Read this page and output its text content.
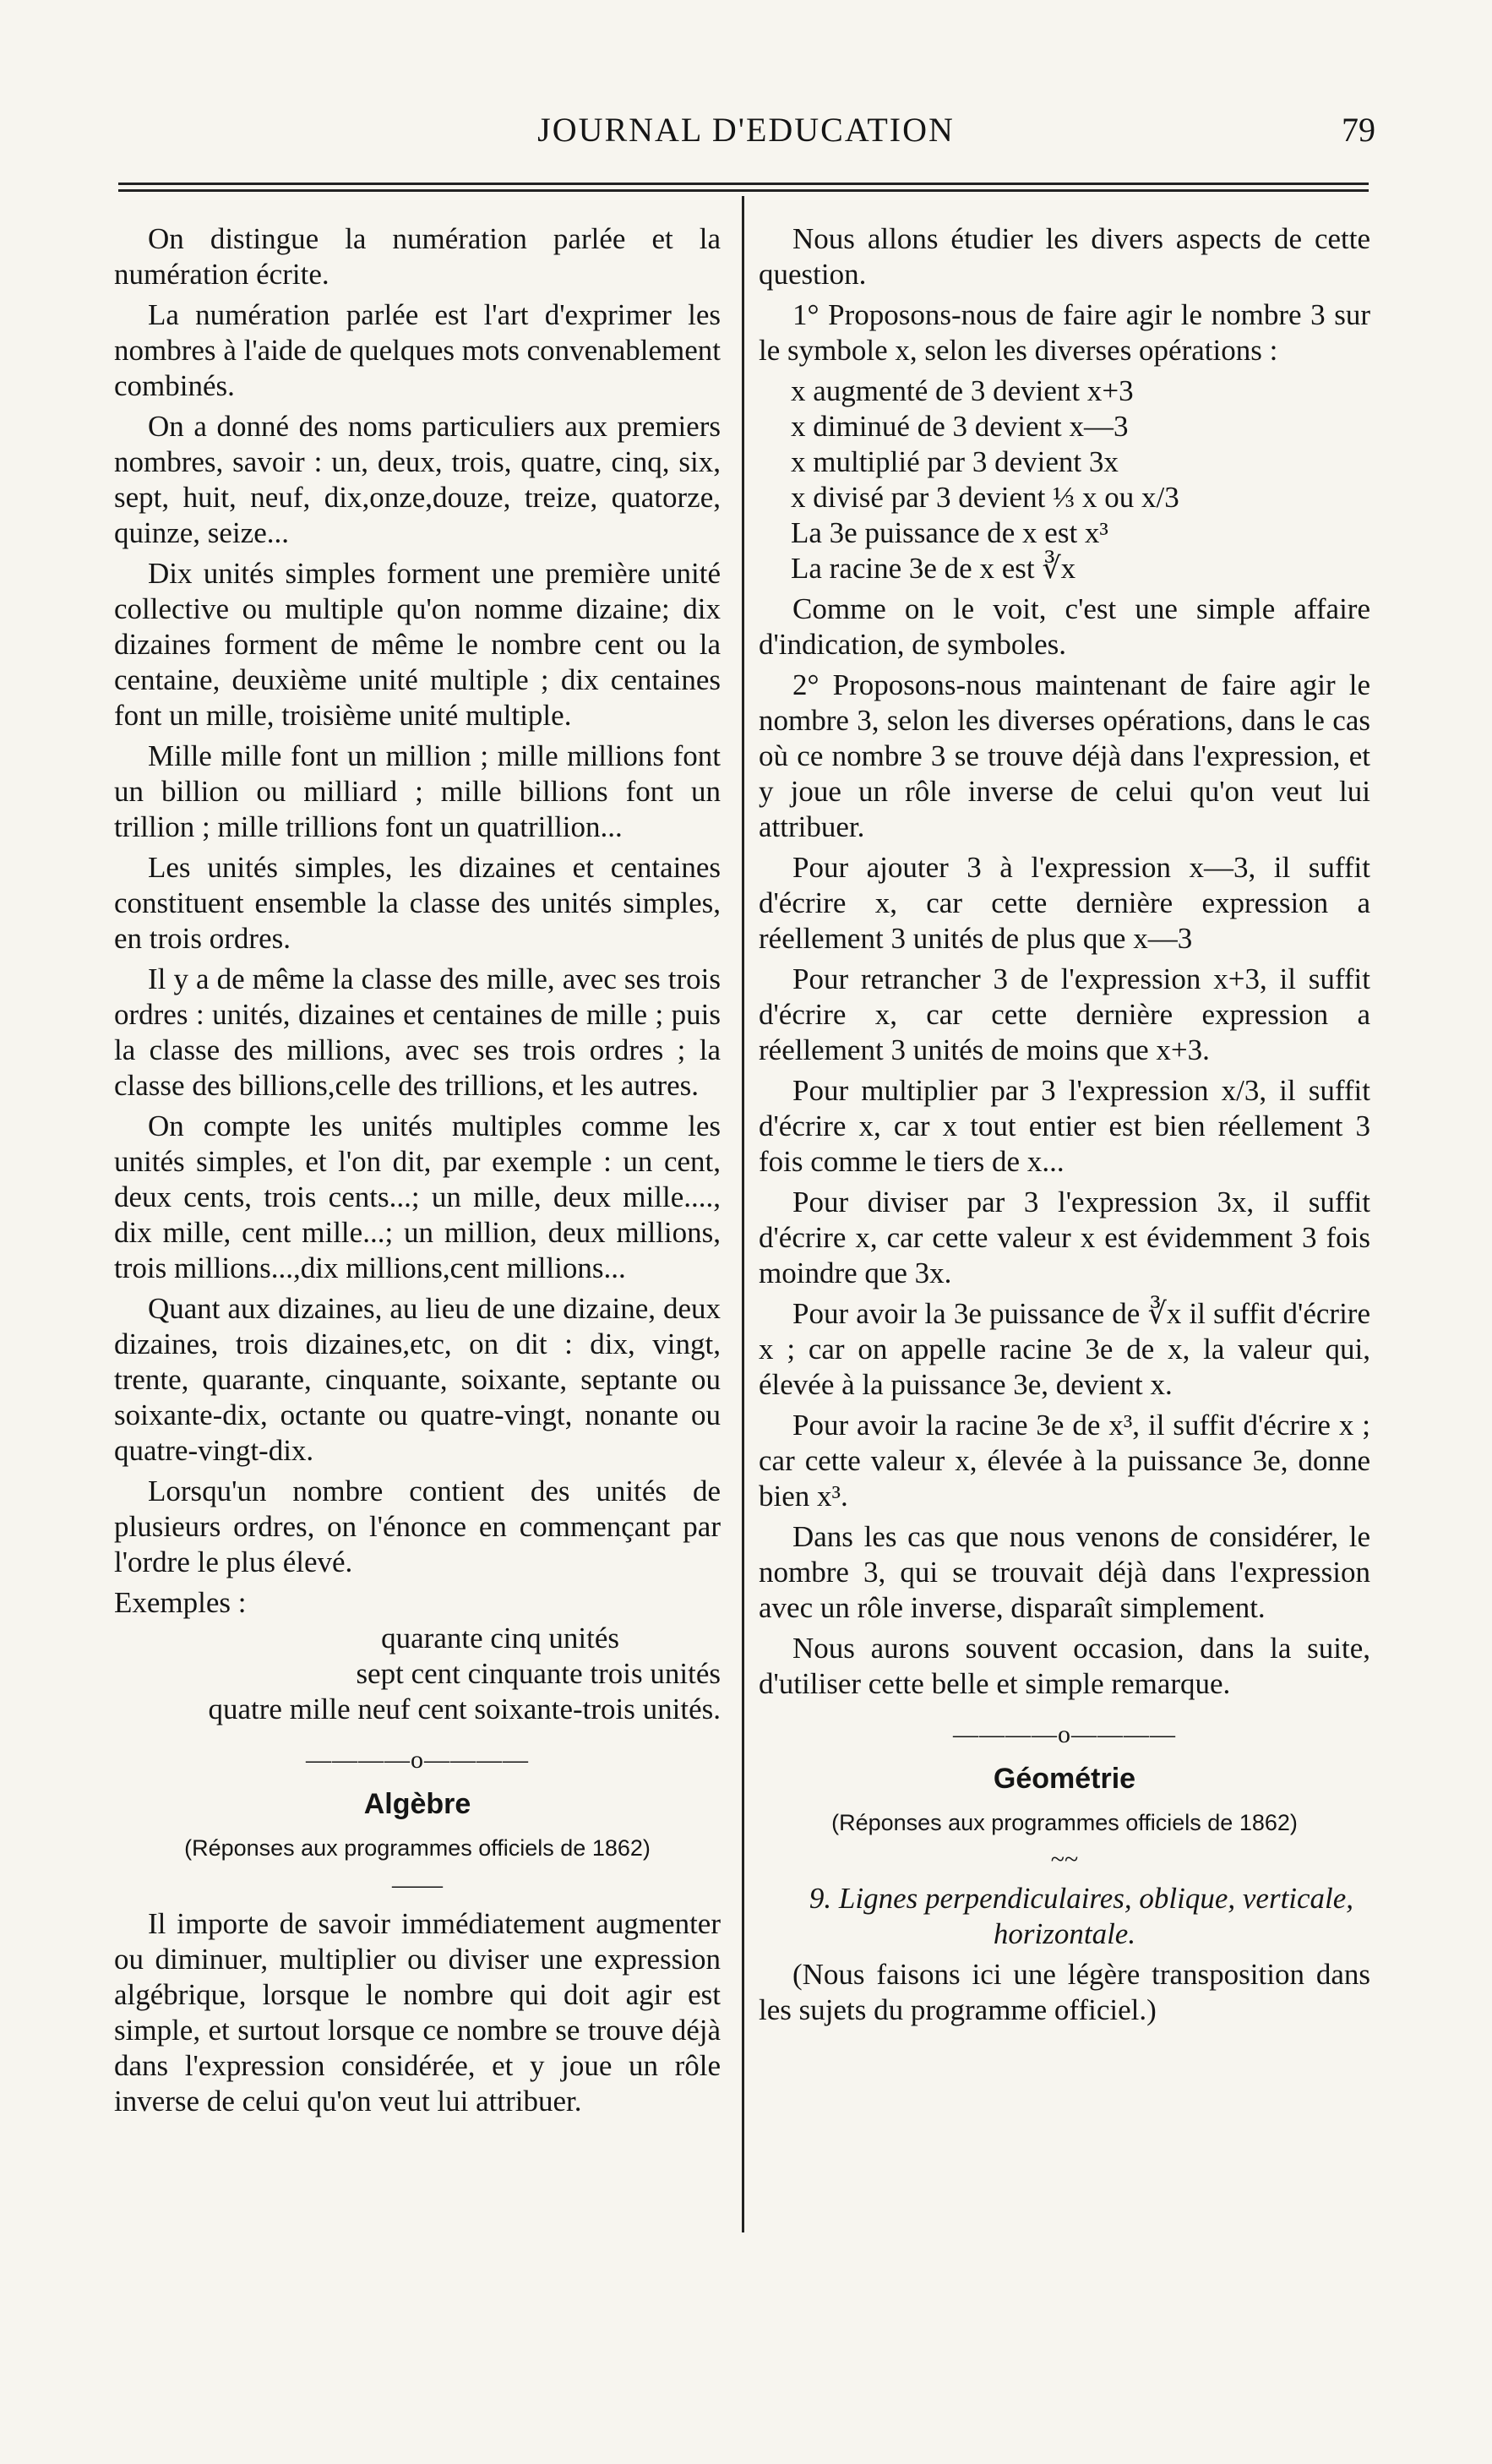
JOURNAL D'EDUCATION	79

On distingue la numération parlée et la numération écrite.

La numération parlée est l'art d'exprimer les nombres à l'aide de quelques mots convenablement combinés.

On a donné des noms particuliers aux premiers nombres, savoir : un, deux, trois, quatre, cinq, six, sept, huit, neuf, dix,onze,douze, treize, quatorze, quinze, seize...

Dix unités simples forment une première unité collective ou multiple qu'on nomme dizaine; dix dizaines forment de même le nombre cent ou la centaine, deuxième unité multiple ; dix centaines font un mille, troisième unité multiple.

Mille mille font un million ; mille millions font un billion ou milliard ; mille billions font un trillion ; mille trillions font un quatrillion...

Les unités simples, les dizaines et centaines constituent ensemble la classe des unités simples, en trois ordres.

Il y a de même la classe des mille, avec ses trois ordres : unités, dizaines et centaines de mille ; puis la classe des millions, avec ses trois ordres ; la classe des billions,celle des trillions, et les autres.

On compte les unités multiples comme les unités simples, et l'on dit, par exemple : un cent, deux cents, trois cents...; un mille, deux mille...., dix mille, cent mille...; un million, deux millions, trois millions...,dix millions,cent millions...

Quant aux dizaines, au lieu de une dizaine, deux dizaines, trois dizaines,etc, on dit : dix, vingt, trente, quarante, cinquante, soixante, septante ou soixante-dix, octante ou quatre-vingt, nonante ou quatre-vingt-dix.

Lorsqu'un nombre contient des unités de plusieurs ordres, on l'énonce en commençant par l'ordre le plus élevé.

Exemples :

quarante cinq unités

sept cent cinquante trois unités

quatre mille neuf cent soixante-trois unités.

————o————
Algèbre
(Réponses aux programmes officiels de 1862)
——

Il importe de savoir immédiatement augmenter ou diminuer, multiplier ou diviser une expression algébrique, lorsque le nombre qui doit agir est simple, et surtout lorsque ce nombre se trouve déjà dans l'expression considérée, et y joue un rôle inverse de celui qu'on veut lui attribuer.

Nous allons étudier les divers aspects de cette question.

1° Proposons-nous de faire agir le nombre 3 sur le symbole x, selon les diverses opérations :

x augmenté de 3 devient x+3
x diminué de 3 devient x—3
x multiplié par 3 devient 3x
x divisé par 3 devient ⅓ x ou x/3
La 3e puissance de x est x³
La racine 3e de x est ∛x

Comme on le voit, c'est une simple affaire d'indication, de symboles.

2° Proposons-nous maintenant de faire agir le nombre 3, selon les diverses opérations, dans le cas où ce nombre 3 se trouve déjà dans l'expression, et y joue un rôle inverse de celui qu'on veut lui attribuer.

Pour ajouter 3 à l'expression x—3, il suffit d'écrire x, car cette dernière expression a réellement 3 unités de plus que x—3

Pour retrancher 3 de l'expression x+3, il suffit d'écrire x, car cette dernière expression a réellement 3 unités de moins que x+3.

Pour multiplier par 3 l'expression x/3, il suffit d'écrire x, car x tout entier est bien réellement 3 fois comme le tiers de x...

Pour diviser par 3 l'expression 3x, il suffit d'écrire x, car cette valeur x est évidemment 3 fois moindre que 3x.

Pour avoir la 3e puissance de ∛x il suffit d'écrire x ; car on appelle racine 3e de x, la valeur qui, élevée à la puissance 3e, devient x.

Pour avoir la racine 3e de x³, il suffit d'écrire x ; car cette valeur x, élevée à la puissance 3e, donne bien x³.

Dans les cas que nous venons de considérer, le nombre 3, qui se trouvait déjà dans l'expression avec un rôle inverse, disparaît simplement.

Nous aurons souvent occasion, dans la suite, d'utiliser cette belle et simple remarque.

————o————
Géométrie
(Réponses aux programmes officiels de 1862)
~~

9. Lignes perpendiculaires, oblique, verticale, horizontale.

(Nous faisons ici une légère transposition dans les sujets du programme officiel.)
